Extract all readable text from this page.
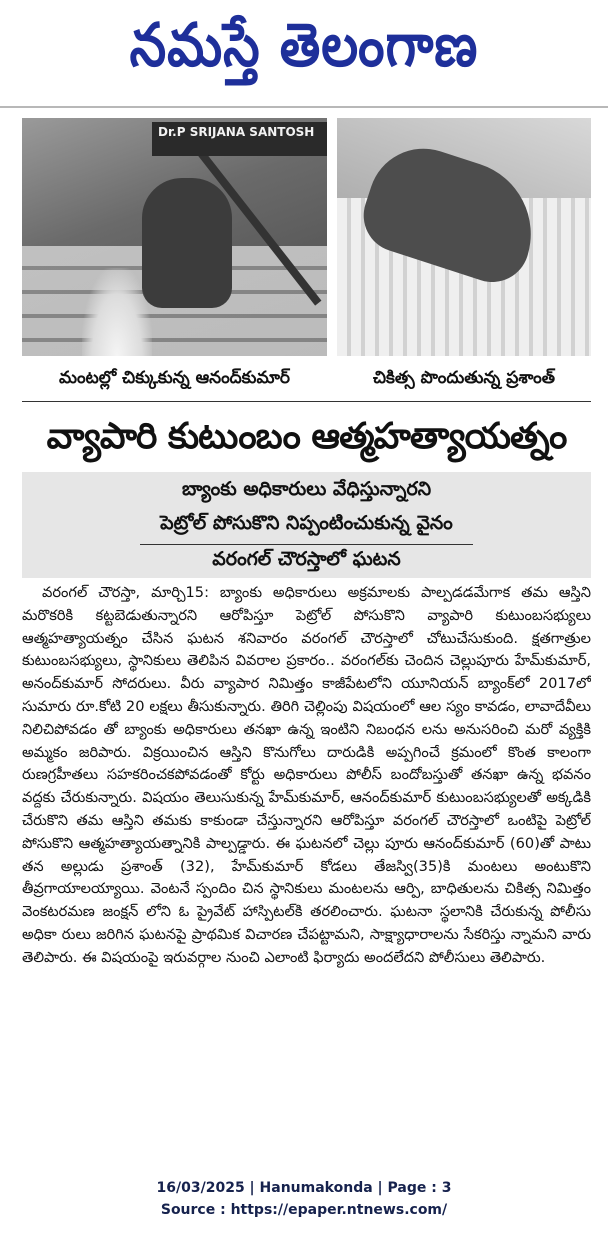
నమస్తే తెలంగాణ
Dr.P SRIJANA SANTOSH
మంటల్లో చిక్కుకున్న ఆనంద్‌కుమార్	చికిత్స పొందుతున్న ప్రశాంత్
వ్యాపారి కుటుంబం ఆత్మహత్యాయత్నం
బ్యాంకు అధికారులు వేధిస్తున్నారని
పెట్రోల్ పోసుకొని నిప్పంటించుకున్న వైనం
వరంగల్ చౌరస్తాలో ఘటన

వరంగల్ చౌరస్తా, మార్చి15: బ్యాంకు అధికారులు అక్రమాలకు పాల్పడడమేగాక తమ ఆస్తిని మరొకరికి కట్టబెడుతున్నారని ఆరోపిస్తూ పెట్రోల్ పోసుకొని వ్యాపారి కుటుంబసభ్యులు ఆత్మహత్యాయత్నం చేసిన ఘటన శనివారం వరంగల్ చౌరస్తాలో చోటుచేసుకుంది. క్షతగాత్రుల కుటుంబసభ్యులు, స్థానికులు తెలిపిన వివరాల ప్రకారం.. వరంగల్‌కు చెందిన చెల్లుపూరు హేమ్‌కుమార్, అనంద్‌కుమార్ సోదరులు. వీరు వ్యాపార నిమిత్తం కాజీపేటలోని యూనియన్ బ్యాంక్‌లో 2017లో సుమారు రూ.కోటి 20 లక్షలు తీసుకున్నారు. తిరిగి చెల్లింపు విషయంలో ఆల స్యం కావడం, లావాదేవీలు నిలిచిపోవడం తో బ్యాంకు అధికారులు తనఖా ఉన్న ఇంటిని నిబంధన లను అనుసరించి మరో వ్యక్తికి అమ్మకం జరిపారు. విక్రయించిన ఆస్తిని కొనుగోలు దారుడికి అప్పగించే క్రమంలో కొంత కాలంగా రుణగ్రహీతలు సహకరించకపోవడంతో కోర్టు అధికారులు పోలీస్ బందోబస్తుతో తనఖా ఉన్న భవనం వద్దకు చేరుకున్నారు. విషయం తెలుసుకున్న హేమ్‌కుమార్, ఆనంద్‌కుమార్ కుటుంబసభ్యులతో అక్కడికి చేరుకొని తమ ఆస్తిని తమకు కాకుండా చేస్తున్నారని ఆరోపిస్తూ వరంగల్ చౌరస్తాలో ఒంటిపై పెట్రోల్ పోసుకొని ఆత్మహత్యాయత్నానికి పాల్పడ్డారు. ఈ ఘటనలో చెల్లు పూరు ఆనంద్‌కుమార్ (60)తో పాటు తన అల్లుడు ప్రశాంత్ (32), హేమ్‌కుమార్ కోడలు తేజస్వి(35)కి మంటలు అంటుకొని తీవ్రగాయాలయ్యాయి. వెంటనే స్పందిం చిన స్థానికులు మంటలను ఆర్పి, బాధితులను చికిత్స నిమిత్తం వెంకటరమణ జంక్షన్ లోని ఓ ప్రైవేట్ హాస్పిటల్‌కి తరలించారు. ఘటనా స్థలానికి చేరుకున్న పోలీసు అధికా రులు జరిగిన ఘటనపై ప్రాథమిక విచారణ చేపట్టామని, సాక్ష్యాధారాలను సేకరిస్తు న్నామని వారు తెలిపారు. ఈ విషయంపై ఇరువర్గాల నుంచి ఎలాంటి ఫిర్యాదు అందలేదని పోలీసులు తెలిపారు.

16/03/2025 | Hanumakonda | Page : 3
Source : https://epaper.ntnews.com/
